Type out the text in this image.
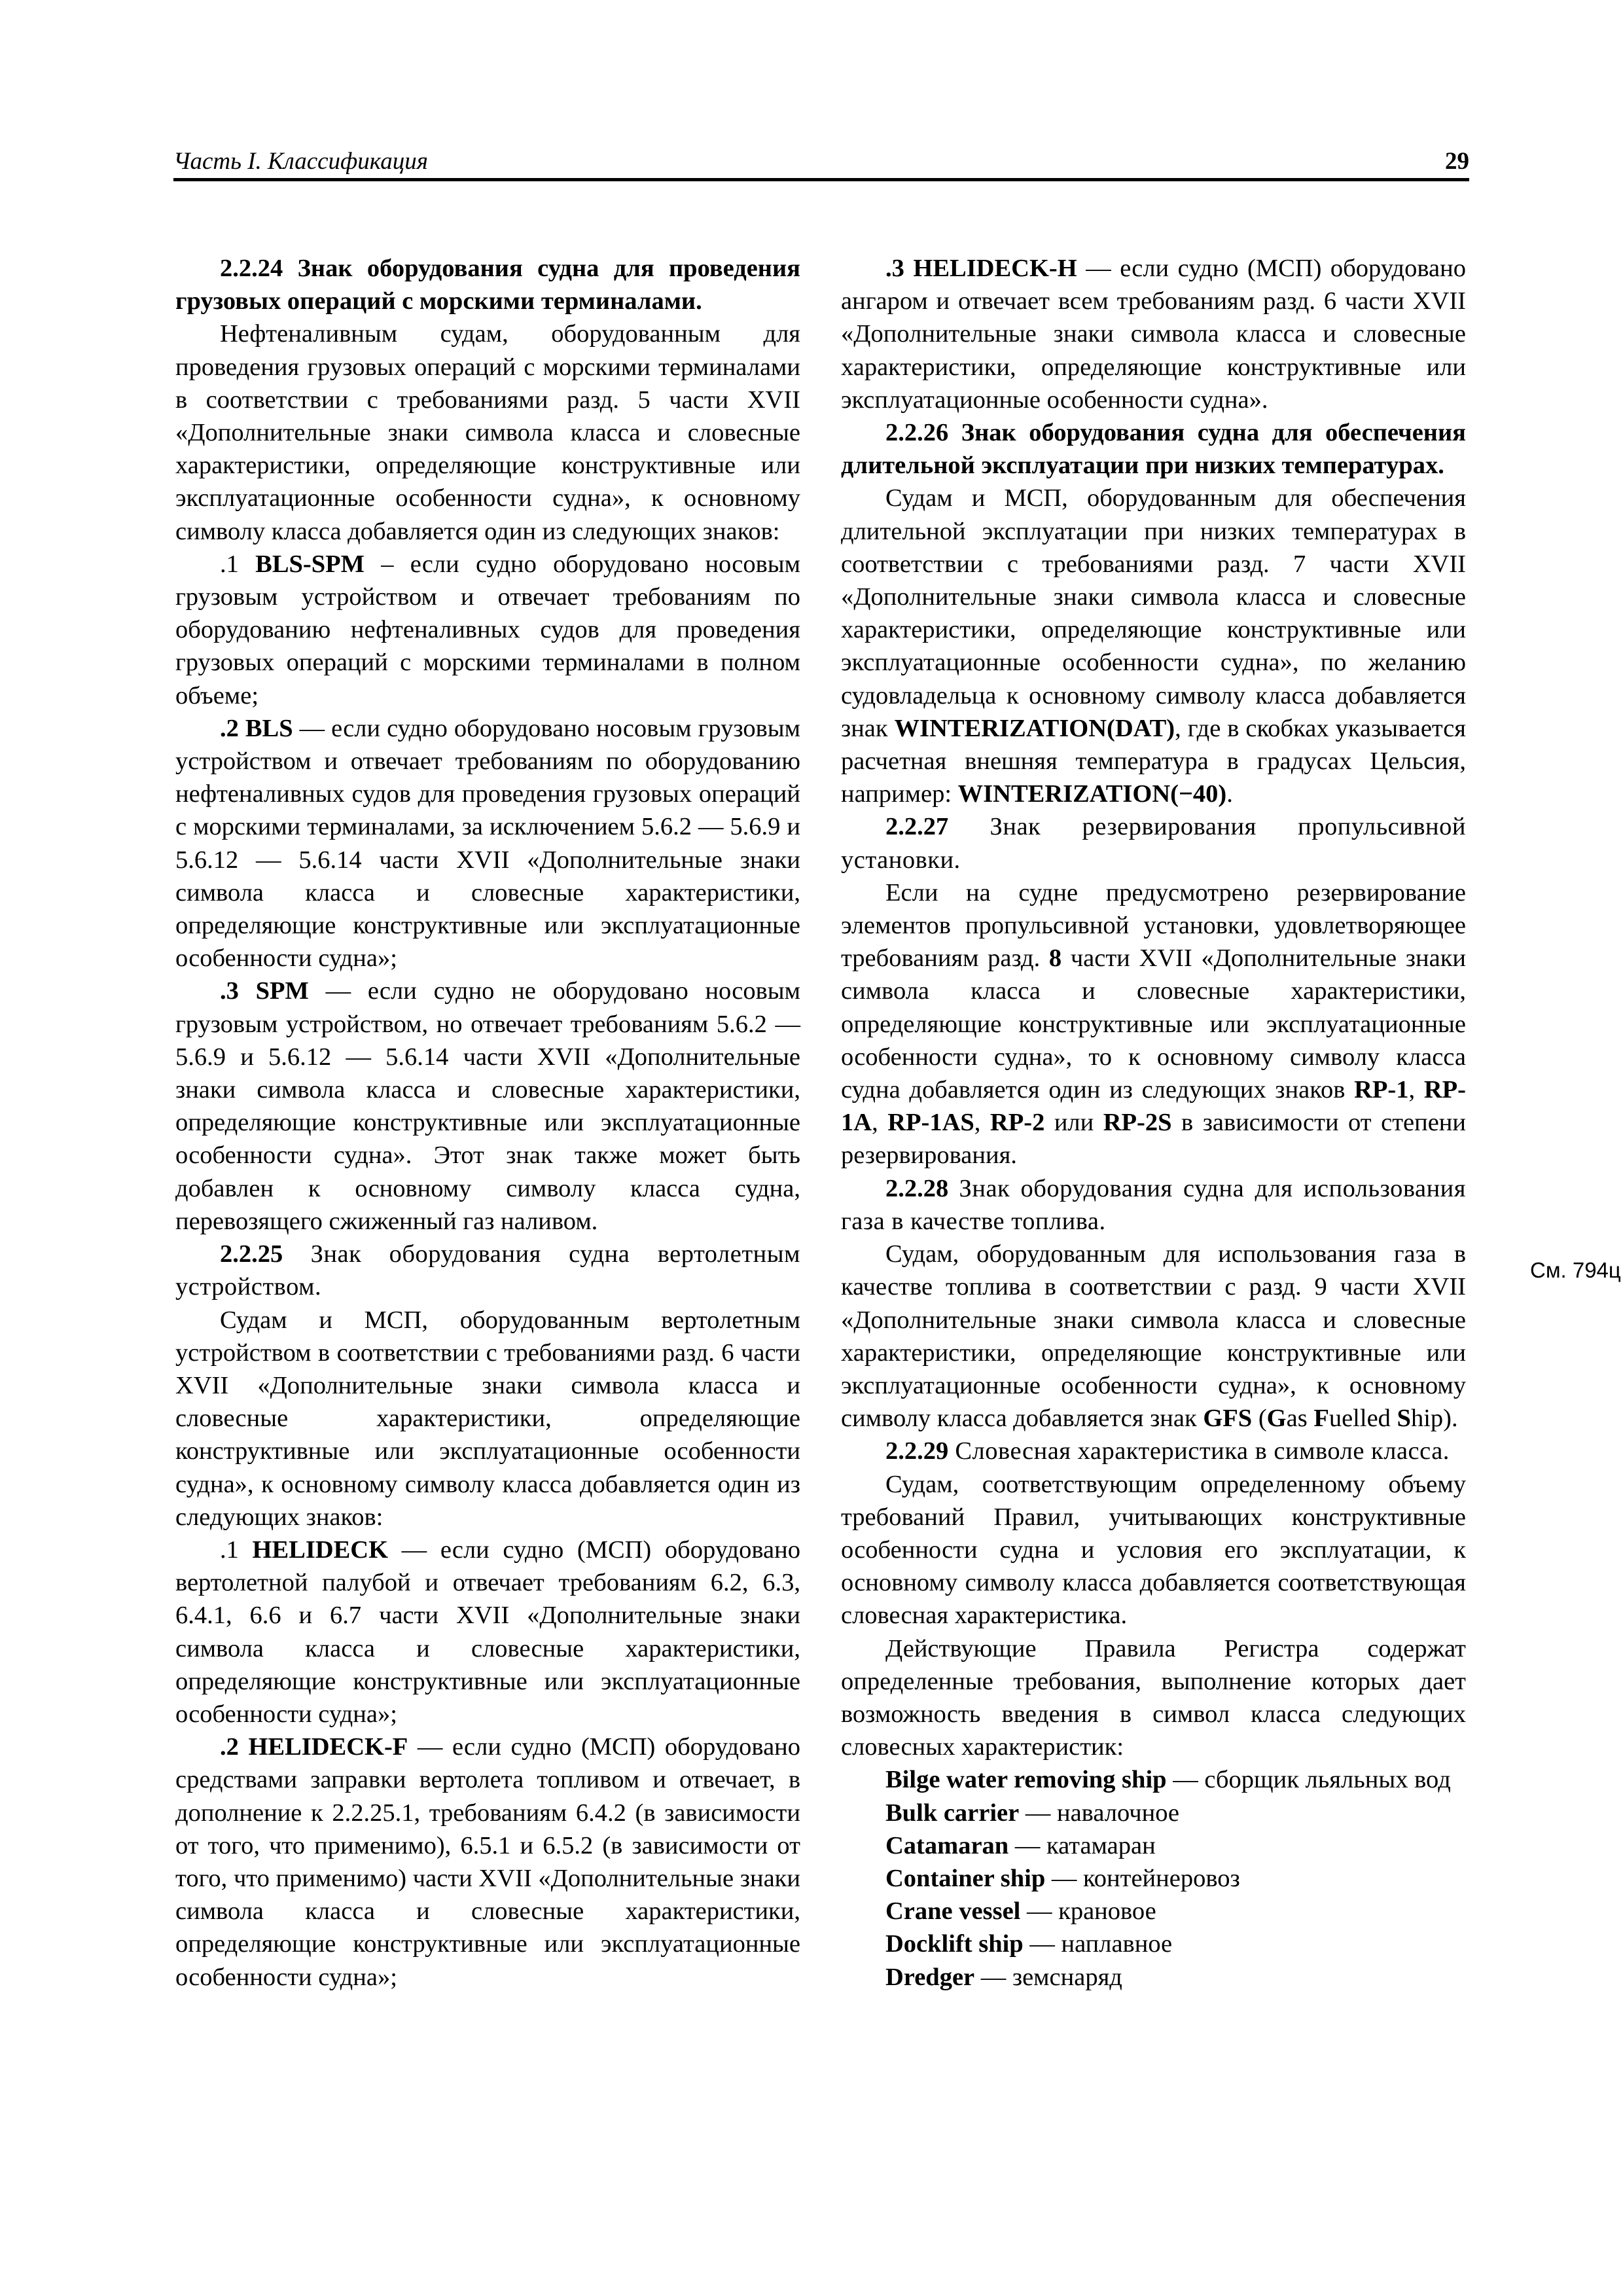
Часть I. Классификация	29

2.2.24 Знак оборудования судна для проведения грузовых операций с морскими терминалами.

Нефтеналивным судам, оборудованным для проведения грузовых операций с морскими терминалами в соответствии с требованиями разд. 5 части XVII «Дополнительные знаки символа класса и словесные характеристики, определяющие конструктивные или эксплуатационные особенности судна», к основному символу класса добавляется один из следующих знаков:

.1 BLS-SPM – если судно оборудовано носовым грузовым устройством и отвечает требованиям по оборудованию нефтеналивных судов для проведения грузовых операций с морскими терминалами в полном объеме;

.2 BLS — если судно оборудовано носовым грузовым устройством и отвечает требованиям по оборудованию нефтеналивных судов для проведения грузовых операций с морскими терминалами, за исключением 5.6.2 — 5.6.9 и 5.6.12 — 5.6.14 части XVII «Дополнительные знаки символа класса и словесные характеристики, определяющие конструктивные или эксплуатационные особенности судна»;

.3 SPM — если судно не оборудовано носовым грузовым устройством, но отвечает требованиям 5.6.2 — 5.6.9 и 5.6.12 — 5.6.14 части XVII «Дополнительные знаки символа класса и словесные характеристики, определяющие конструктивные или эксплуатационные особенности судна». Этот знак также может быть добавлен к основному символу класса судна, перевозящего сжиженный газ наливом.

2.2.25 Знак оборудования судна вертолетным устройством.

Судам и МСП, оборудованным вертолетным устройством в соответствии с требованиями разд. 6 части XVII «Дополнительные знаки символа класса и словесные характеристики, определяющие конструктивные или эксплуатационные особенности судна», к основному символу класса добавляется один из следующих знаков:

.1 HELIDECK — если судно (МСП) оборудовано вертолетной палубой и отвечает требованиям 6.2, 6.3, 6.4.1, 6.6 и 6.7 части XVII «Дополнительные знаки символа класса и словесные характеристики, определяющие конструктивные или эксплуатационные особенности судна»;

.2 HELIDECK-F — если судно (МСП) оборудовано средствами заправки вертолета топливом и отвечает, в дополнение к 2.2.25.1, требованиям 6.4.2 (в зависимости от того, что применимо), 6.5.1 и 6.5.2 (в зависимости от того, что применимо) части XVII «Дополнительные знаки символа класса и словесные характеристики, определяющие конструктивные или эксплуатационные особенности судна»;

.3 HELIDECK-H — если судно (МСП) оборудовано ангаром и отвечает всем требованиям разд. 6 части XVII «Дополнительные знаки символа класса и словесные характеристики, определяющие конструктивные или эксплуатационные особенности судна».

2.2.26 Знак оборудования судна для обеспечения длительной эксплуатации при низких температурах.

Судам и МСП, оборудованным для обеспечения длительной эксплуатации при низких температурах в соответствии с требованиями разд. 7 части XVII «Дополнительные знаки символа класса и словесные характеристики, определяющие конструктивные или эксплуатационные особенности судна», по желанию судовладельца к основному символу класса добавляется знак WINTERIZATION(DAT), где в скобках указывается расчетная внешняя температура в градусах Цельсия, например: WINTERIZATION(−40).

2.2.27 Знак резервирования пропульсивной установки.

Если на судне предусмотрено резервирование элементов пропульсивной установки, удовлетворяющее требованиям разд. 8 части XVII «Дополнительные знаки символа класса и словесные характеристики, определяющие конструктивные или эксплуатационные особенности судна», то к основному символу класса судна добавляется один из следующих знаков RP-1, RP-1A, RP-1AS, RP-2 или RP-2S в зависимости от степени резервирования.

2.2.28 Знак оборудования судна для использования газа в качестве топлива.

Судам, оборудованным для использования газа в качестве топлива в соответствии с разд. 9 части XVII «Дополнительные знаки символа класса и словесные характеристики, определяющие конструктивные или эксплуатационные особенности судна», к основному символу класса добавляется знак GFS (Gas Fuelled Ship).

2.2.29 Словесная характеристика в символе класса.

Судам, соответствующим определенному объему требований Правил, учитывающих конструктивные особенности судна и условия его эксплуатации, к основному символу класса добавляется соответствующая словесная характеристика.

Действующие Правила Регистра содержат определенные требования, выполнение которых дает возможность введения в символ класса следующих словесных характеристик:

Bilge water removing ship — сборщик льяльных вод

Bulk carrier — навалочное

Catamaran — катамаран

Container ship — контейнеровоз

Crane vessel — крановое

Docklift ship — наплавное

Dredger — земснаряд

См. 794ц
